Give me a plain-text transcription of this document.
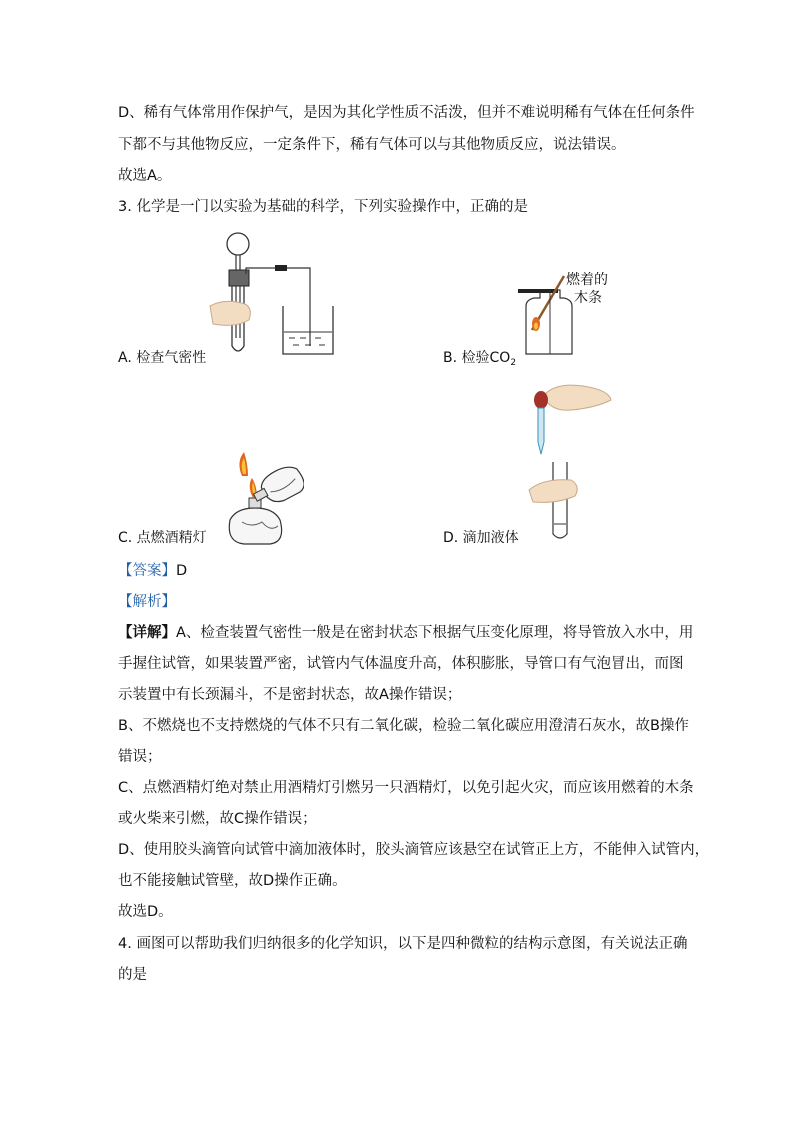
D、稀有气体常用作保护气，是因为其化学性质不活泼，但并不难说明稀有气体在任何条件
下都不与其他物反应，一定条件下，稀有气体可以与其他物质反应，说法错误。
故选A。
3. 化学是一门以实验为基础的科学，下列实验操作中，正确的是
A. 检查气密性
燃着的
木条
B. 检验$CO_2$
C. 点燃酒精灯	D. 滴加液体
【答案】D
【解析】
【详解】A、检查装置气密性一般是在密封状态下根据气压变化原理，将导管放入水中，用
手握住试管，如果装置严密，试管内气体温度升高，体积膨胀，导管口有气泡冒出，而图
示装置中有长颈漏斗，不是密封状态，故A操作错误；
B、不燃烧也不支持燃烧的气体不只有二氧化碳，检验二氧化碳应用澄清石灰水，故B操作
错误；
C、点燃酒精灯绝对禁止用酒精灯引燃另一只酒精灯，以免引起火灾，而应该用燃着的木条
或火柴来引燃，故C操作错误；
D、使用胶头滴管向试管中滴加液体时，胶头滴管应该悬空在试管正上方，不能伸入试管内，
也不能接触试管壁，故D操作正确。
故选D。
4. 画图可以帮助我们归纳很多的化学知识，以下是四种微粒的结构示意图，有关说法正确
的是
